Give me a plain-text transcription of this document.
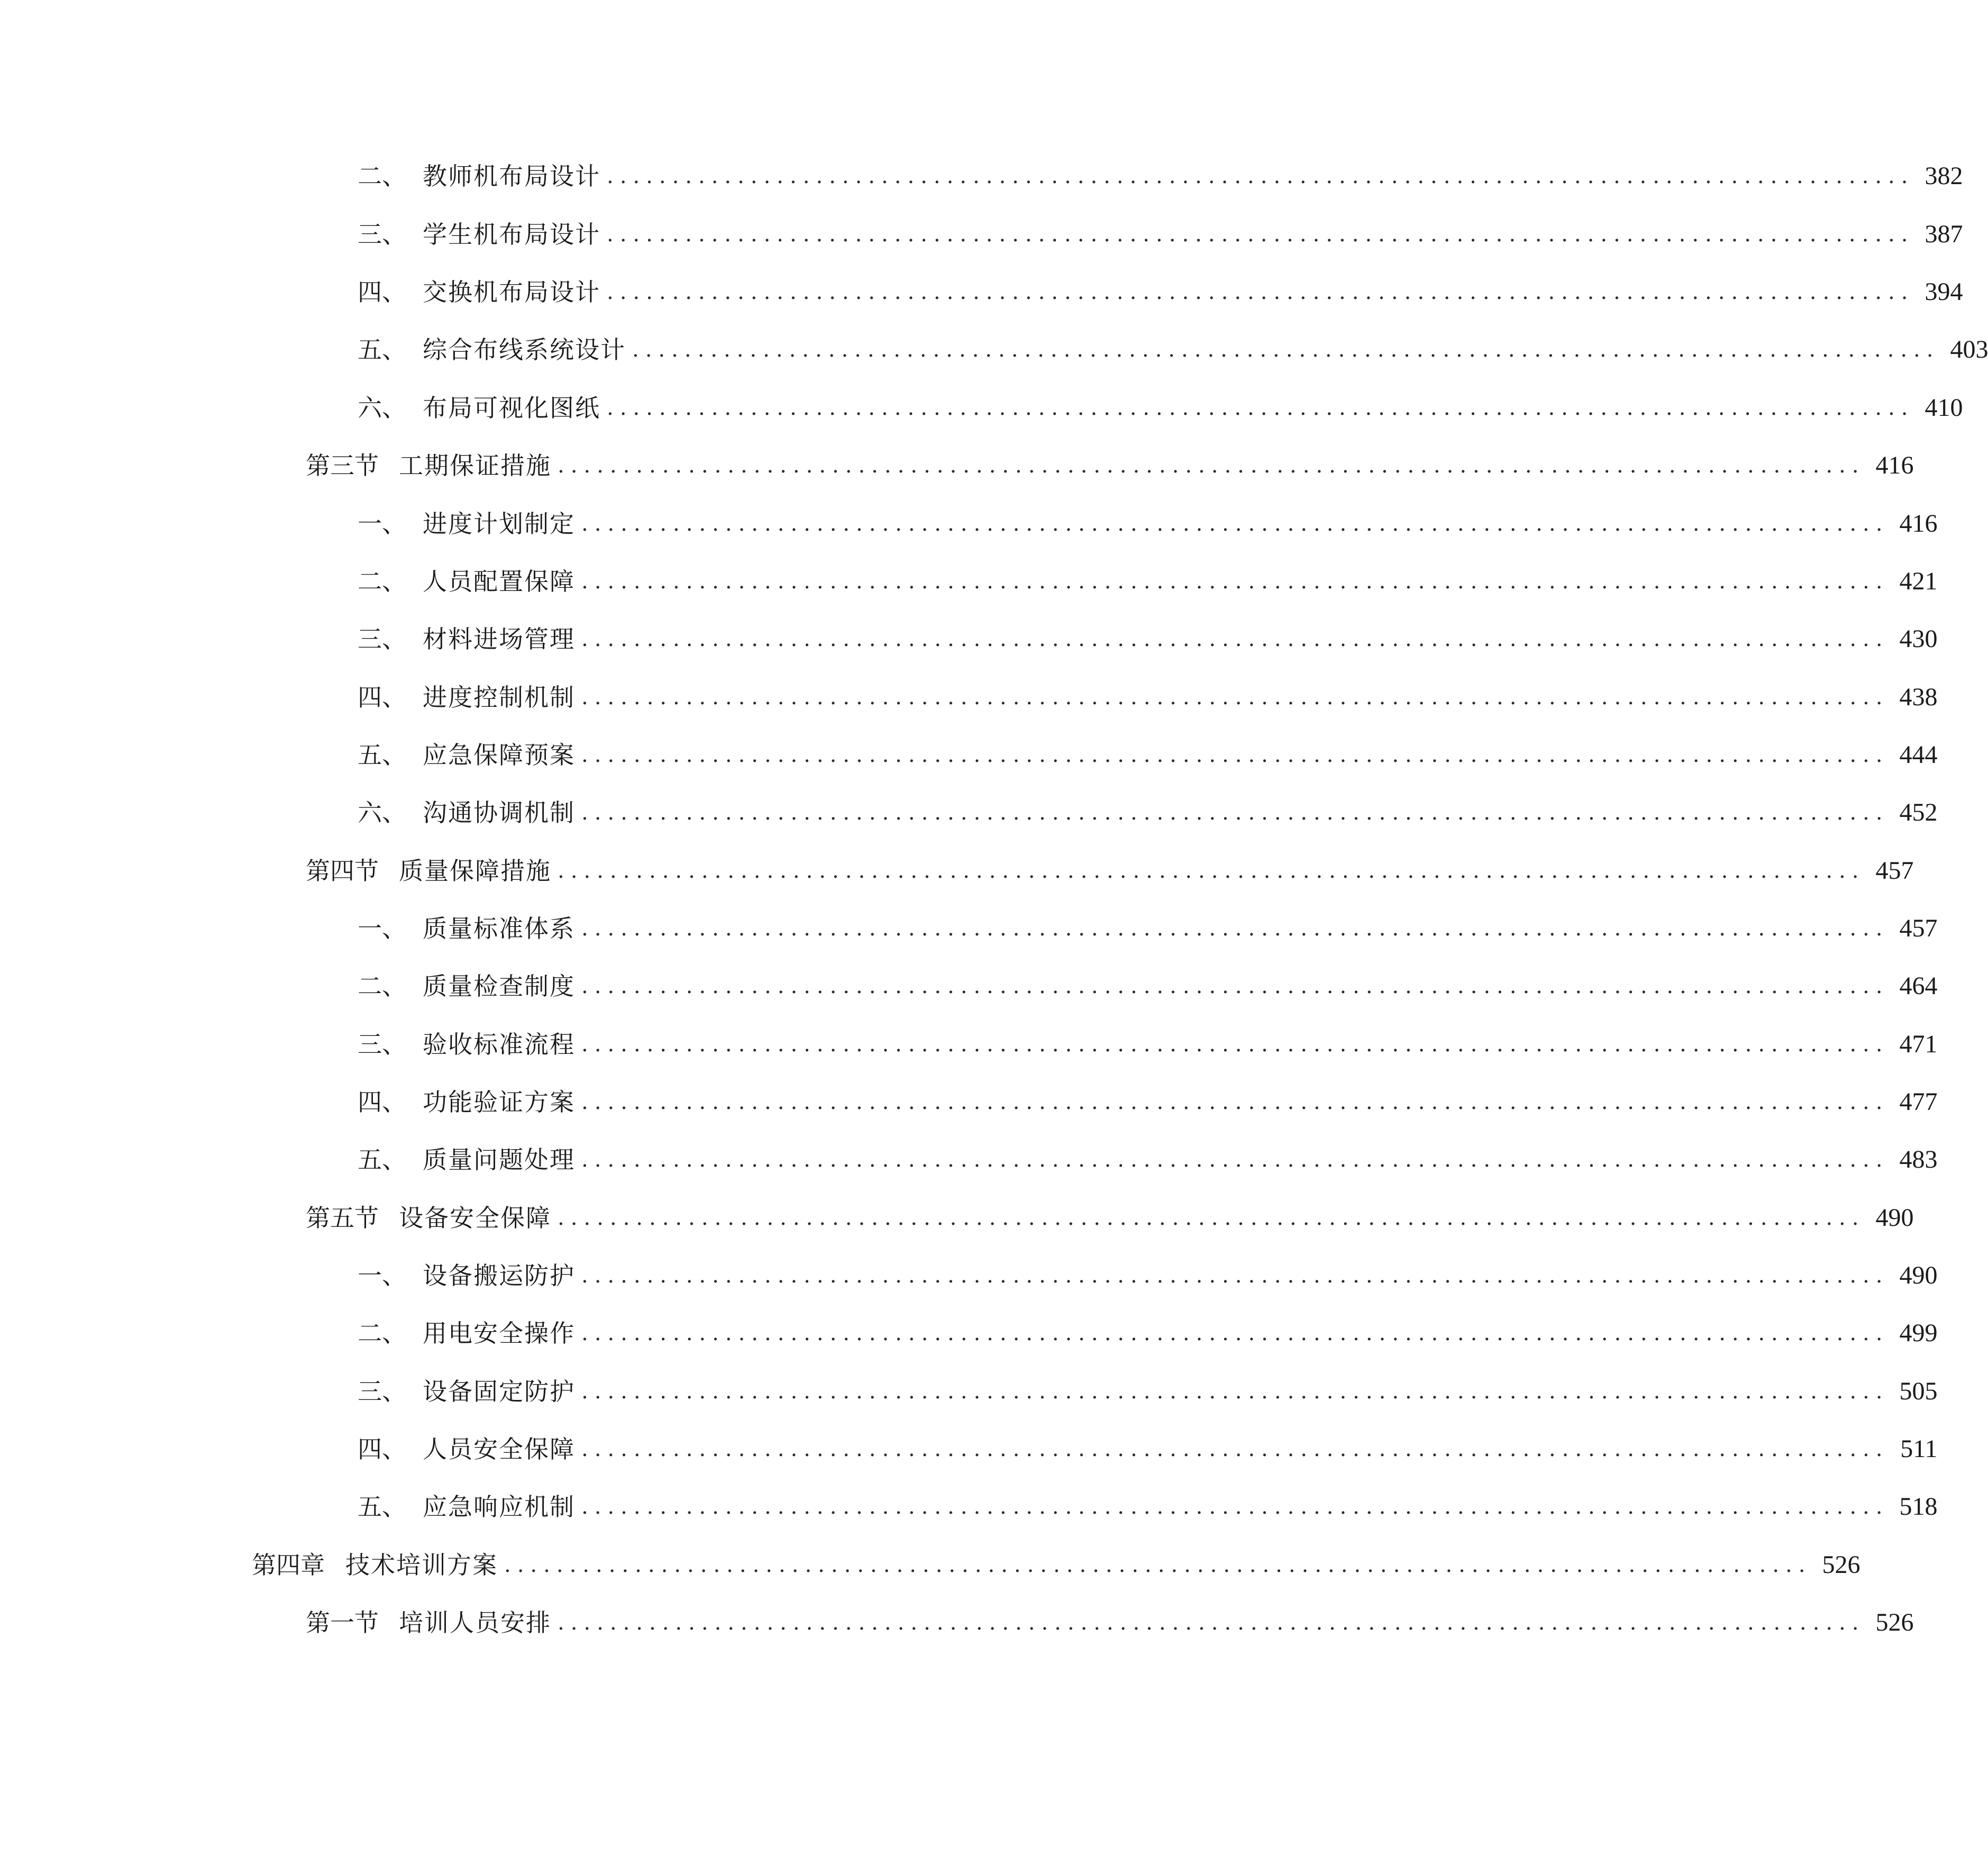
二、 教师机布局设计 .................................................................................................... 382
三、 学生机布局设计 .................................................................................................... 387
四、 交换机布局设计 .................................................................................................... 394
五、 综合布线系统设计 .................................................................................................... 403
六、 布局可视化图纸 .................................................................................................... 410
第三节 工期保证措施 .................................................................................................... 416
一、 进度计划制定 .................................................................................................... 416
二、 人员配置保障 .................................................................................................... 421
三、 材料进场管理 .................................................................................................... 430
四、 进度控制机制 .................................................................................................... 438
五、 应急保障预案 .................................................................................................... 444
六、 沟通协调机制 .................................................................................................... 452
第四节 质量保障措施 .................................................................................................... 457
一、 质量标准体系 .................................................................................................... 457
二、 质量检查制度 .................................................................................................... 464
三、 验收标准流程 .................................................................................................... 471
四、 功能验证方案 .................................................................................................... 477
五、 质量问题处理 .................................................................................................... 483
第五节 设备安全保障 .................................................................................................... 490
一、 设备搬运防护 .................................................................................................... 490
二、 用电安全操作 .................................................................................................... 499
三、 设备固定防护 .................................................................................................... 505
四、 人员安全保障 .................................................................................................... 511
五、 应急响应机制 .................................................................................................... 518
第四章 技术培训方案 .................................................................................................... 526
第一节 培训人员安排 .................................................................................................... 526
